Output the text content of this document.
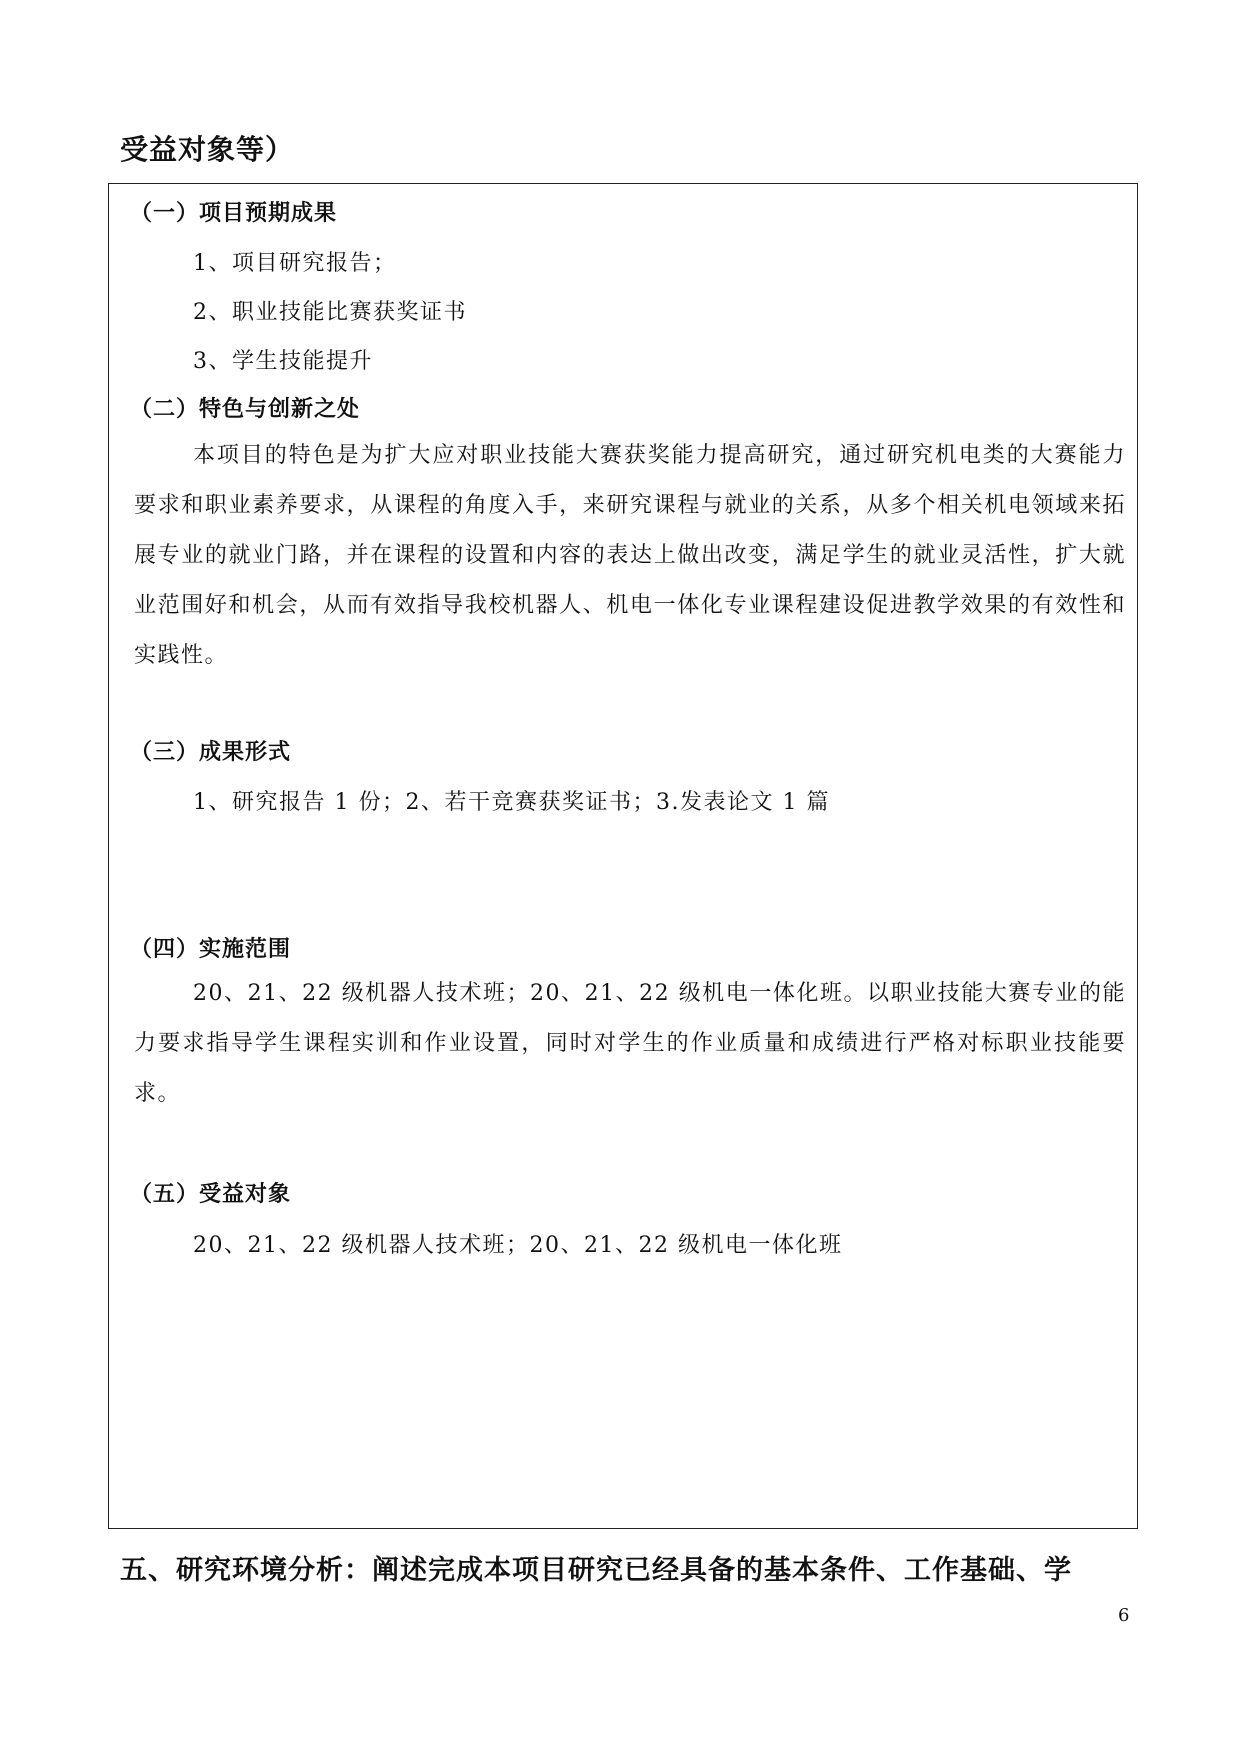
受益对象等）
（一）项目预期成果
1、项目研究报告；
2、职业技能比赛获奖证书
3、学生技能提升
（二）特色与创新之处
本项目的特色是为扩大应对职业技能大赛获奖能力提高研究，通过研究机电类的大赛能力要求和职业素养要求，从课程的角度入手，来研究课程与就业的关系，从多个相关机电领域来拓展专业的就业门路，并在课程的设置和内容的表达上做出改变，满足学生的就业灵活性，扩大就业范围好和机会，从而有效指导我校机器人、机电一体化专业课程建设促进教学效果的有效性和实践性。
（三）成果形式
1、研究报告 1 份；2、若干竞赛获奖证书；3.发表论文 1 篇
（四）实施范围
20、21、22 级机器人技术班；20、21、22 级机电一体化班。以职业技能大赛专业的能力要求指导学生课程实训和作业设置，同时对学生的作业质量和成绩进行严格对标职业技能要求。
（五）受益对象
20、21、22 级机器人技术班；20、21、22 级机电一体化班
五、研究环境分析：阐述完成本项目研究已经具备的基本条件、工作基础、学
6
